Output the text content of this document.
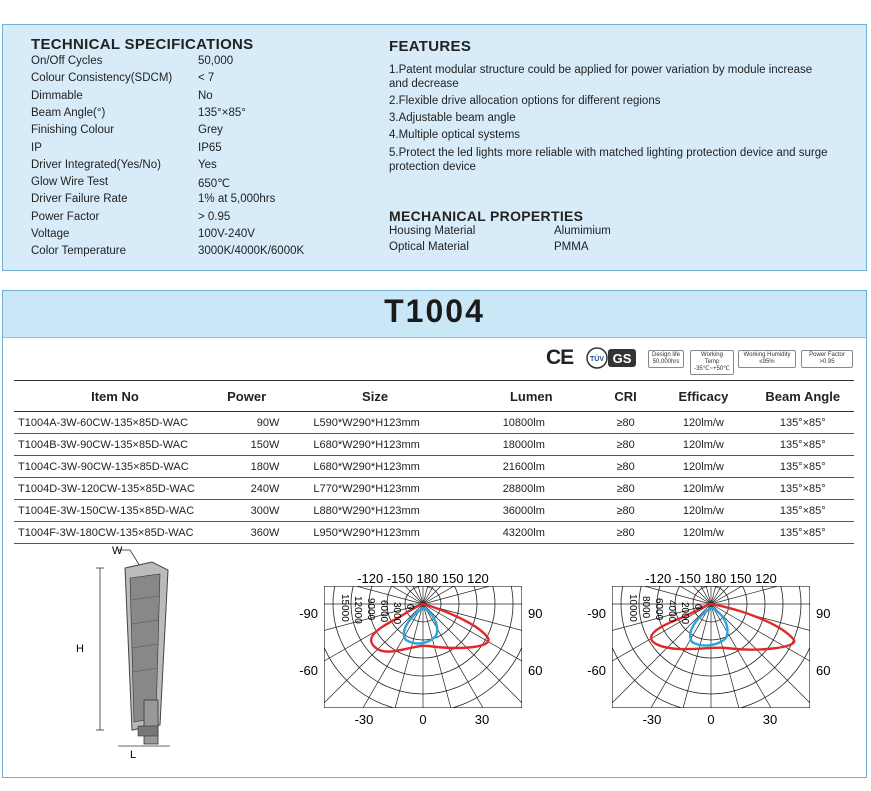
TECHNICAL SPECIFICATIONS
On/Off Cycles	50,000
Colour Consistency(SDCM)	< 7
Dimmable	No
Beam Angle(°)	135°×85°
Finishing Colour	Grey
IP	IP65
Driver Integrated(Yes/No)	Yes
Glow Wire Test	650℃
Driver Failure Rate	1% at 5,000hrs
Power Factor	> 0.95
Voltage	100V-240V
Color Temperature	3000K/4000K/6000K
FEATURES
1.Patent modular structure could be applied for power variation by module increase and decrease
2.Flexible drive allocation options for different regions
3.Adjustable beam angle
4.Multiple optical systems
5.Protect the led lights more reliable with matched lighting protection device and surge protection device
MECHANICAL PROPERTIES
Housing Material	Alumimium
Optical Material	PMMA
T1004
CE TÜV GS	Design life
50,000hrs
Working Temp
-35℃~+50℃
Working Humidity
≤95%
Power Factor
>0.95
Item No	Power	Size	Lumen	CRI	Efficacy	Beam Angle
T1004A-3W-60CW-135×85D-WAC	90W	L590*W290*H123mm	10800lm	≥80	120lm/w	135°×85°
T1004B-3W-90CW-135×85D-WAC	150W	L680*W290*H123mm	18000lm	≥80	120lm/w	135°×85°
T1004C-3W-90CW-135×85D-WAC	180W	L680*W290*H123mm	21600lm	≥80	120lm/w	135°×85°
T1004D-3W-120CW-135×85D-WAC	240W	L770*W290*H123mm	28800lm	≥80	120lm/w	135°×85°
T1004E-3W-150CW-135×85D-WAC	300W	L880*W290*H123mm	36000lm	≥80	120lm/w	135°×85°
T1004F-3W-180CW-135×85D-WAC	360W	L950*W290*H123mm	43200lm	≥80	120lm/w	135°×85°
W
H
L
15000 12000 9000 6000 3000 0
-120 -150 180 150 120
-90	90
-60	60
-30	0	30
10000 8000 6000 4000 2000 0
-120 -150 180 150 120
-90	90
-60	60
-30	0	30
